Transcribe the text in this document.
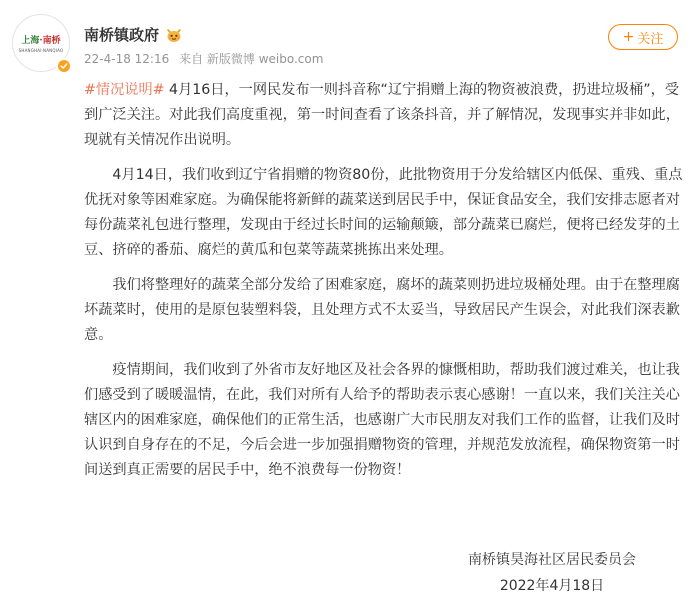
上海·南桥
SHANGHAI·NANQIAO
南桥镇政府
22-4-18 12:16 来自 新版微博 weibo.com
+ 关注

#情况说明# 4月16日，一网民发布一则抖音称“辽宁捐赠上海的物资被浪费，扔进垃圾桶”，受到广泛关注。对此我们高度重视，第一时间查看了该条抖音，并了解情况，发现事实并非如此，现就有关情况作出说明。

4月14日，我们收到辽宁省捐赠的物资80份，此批物资用于分发给辖区内低保、重残、重点优抚对象等困难家庭。为确保能将新鲜的蔬菜送到居民手中，保证食品安全，我们安排志愿者对每份蔬菜礼包进行整理，发现由于经过长时间的运输颠簸，部分蔬菜已腐烂，便将已经发芽的土豆、挤碎的番茄、腐烂的黄瓜和包菜等蔬菜挑拣出来处理。

我们将整理好的蔬菜全部分发给了困难家庭，腐坏的蔬菜则扔进垃圾桶处理。由于在整理腐坏蔬菜时，使用的是原包装塑料袋，且处理方式不太妥当，导致居民产生误会，对此我们深表歉意。

疫情期间，我们收到了外省市友好地区及社会各界的慷慨相助，帮助我们渡过难关，也让我们感受到了暖暖温情，在此，我们对所有人给予的帮助表示衷心感谢！一直以来，我们关注关心辖区内的困难家庭，确保他们的正常生活，也感谢广大市民朋友对我们工作的监督，让我们及时认识到自身存在的不足，今后会进一步加强捐赠物资的管理，并规范发放流程，确保物资第一时间送到真正需要的居民手中，绝不浪费每一份物资！

南桥镇昊海社区居民委员会
2022年4月18日
